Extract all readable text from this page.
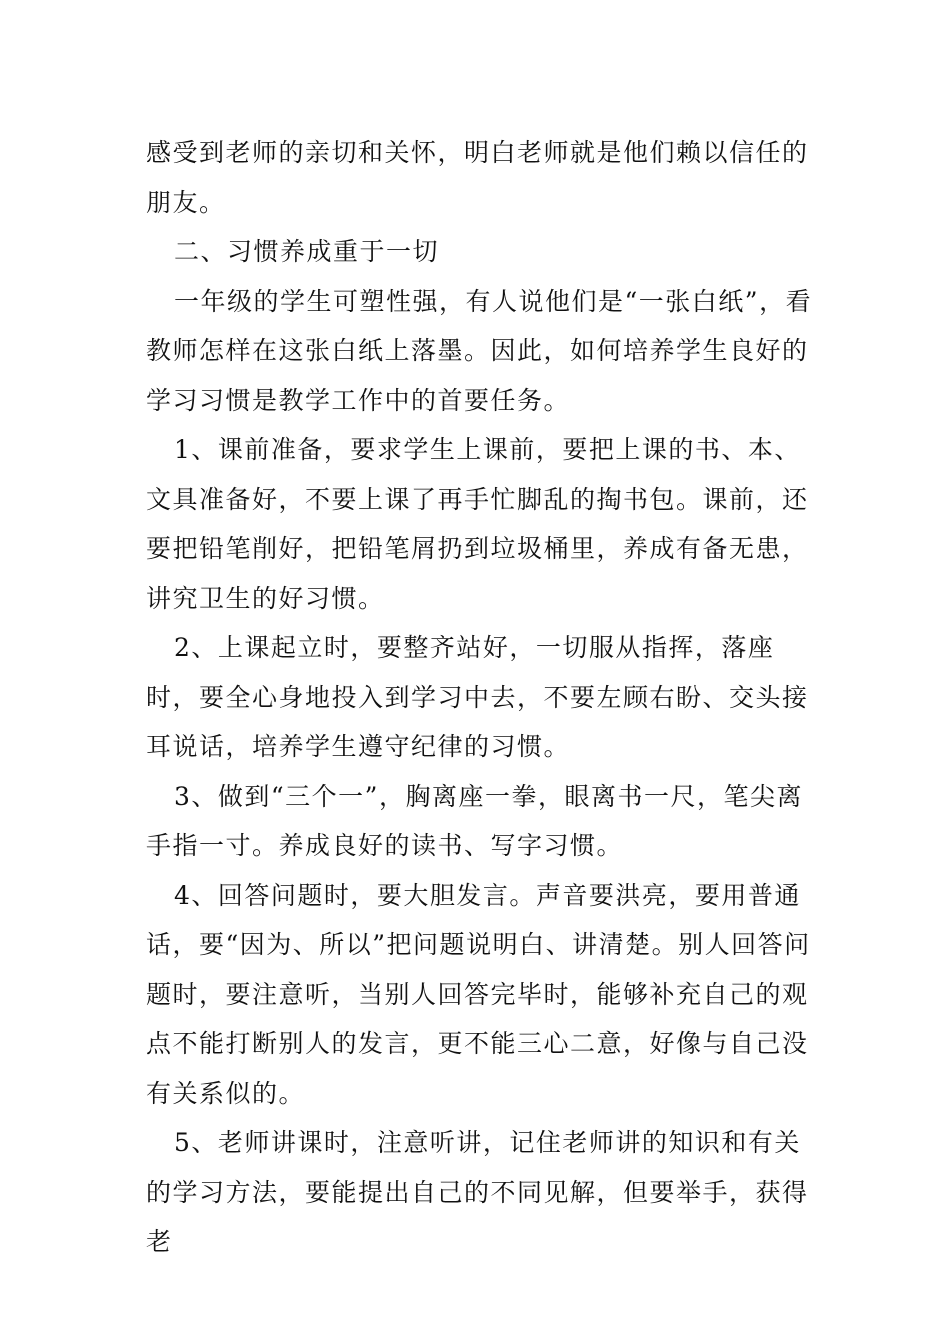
感受到老师的亲切和关怀，明白老师就是他们赖以信任的朋友。

二、习惯养成重于一切

一年级的学生可塑性强，有人说他们是“一张白纸”，看教师怎样在这张白纸上落墨。因此，如何培养学生良好的学习习惯是教学工作中的首要任务。

1、课前准备，要求学生上课前，要把上课的书、本、文具准备好，不要上课了再手忙脚乱的掏书包。课前，还要把铅笔削好，把铅笔屑扔到垃圾桶里，养成有备无患，讲究卫生的好习惯。

2、上课起立时，要整齐站好，一切服从指挥，落座时，要全心身地投入到学习中去，不要左顾右盼、交头接耳说话，培养学生遵守纪律的习惯。

3、做到“三个一”，胸离座一拳，眼离书一尺，笔尖离手指一寸。养成良好的读书、写字习惯。

4、回答问题时，要大胆发言。声音要洪亮，要用普通话，要“因为、所以”把问题说明白、讲清楚。别人回答问题时，要注意听，当别人回答完毕时，能够补充自己的观点不能打断别人的发言，更不能三心二意，好像与自己没有关系似的。

5、老师讲课时，注意听讲，记住老师讲的知识和有关的学习方法，要能提出自己的不同见解，但要举手，获得老
